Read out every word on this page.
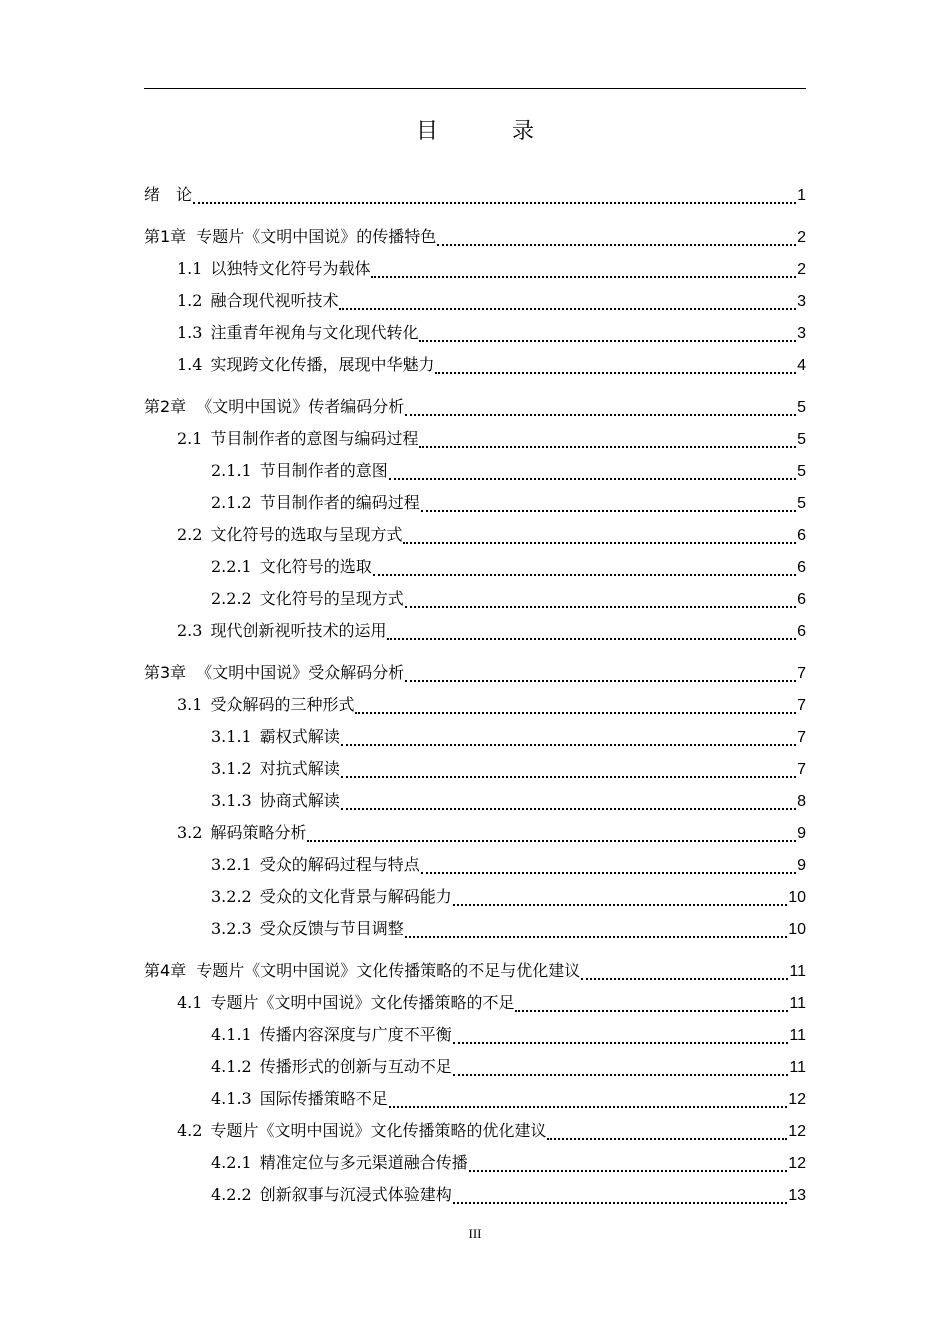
目　录
绪　论	1
第1章 专题片《文明中国说》的传播特色	2
1.1 以独特文化符号为载体	2
1.2 融合现代视听技术	3
1.3 注重青年视角与文化现代转化	3
1.4 实现跨文化传播，展现中华魅力	4
第2章 《文明中国说》传者编码分析	5
2.1 节目制作者的意图与编码过程	5
2.1.1 节目制作者的意图	5
2.1.2 节目制作者的编码过程	5
2.2 文化符号的选取与呈现方式	6
2.2.1 文化符号的选取	6
2.2.2 文化符号的呈现方式	6
2.3 现代创新视听技术的运用	6
第3章 《文明中国说》受众解码分析	7
3.1 受众解码的三种形式	7
3.1.1 霸权式解读	7
3.1.2 对抗式解读	7
3.1.3 协商式解读	8
3.2 解码策略分析	9
3.2.1 受众的解码过程与特点	9
3.2.2 受众的文化背景与解码能力	10
3.2.3 受众反馈与节目调整	10
第4章 专题片《文明中国说》文化传播策略的不足与优化建议	11
4.1 专题片《文明中国说》文化传播策略的不足	11
4.1.1 传播内容深度与广度不平衡	11
4.1.2 传播形式的创新与互动不足	11
4.1.3 国际传播策略不足	12
4.2 专题片《文明中国说》文化传播策略的优化建议	12
4.2.1 精准定位与多元渠道融合传播	12
4.2.2 创新叙事与沉浸式体验建构	13
III
